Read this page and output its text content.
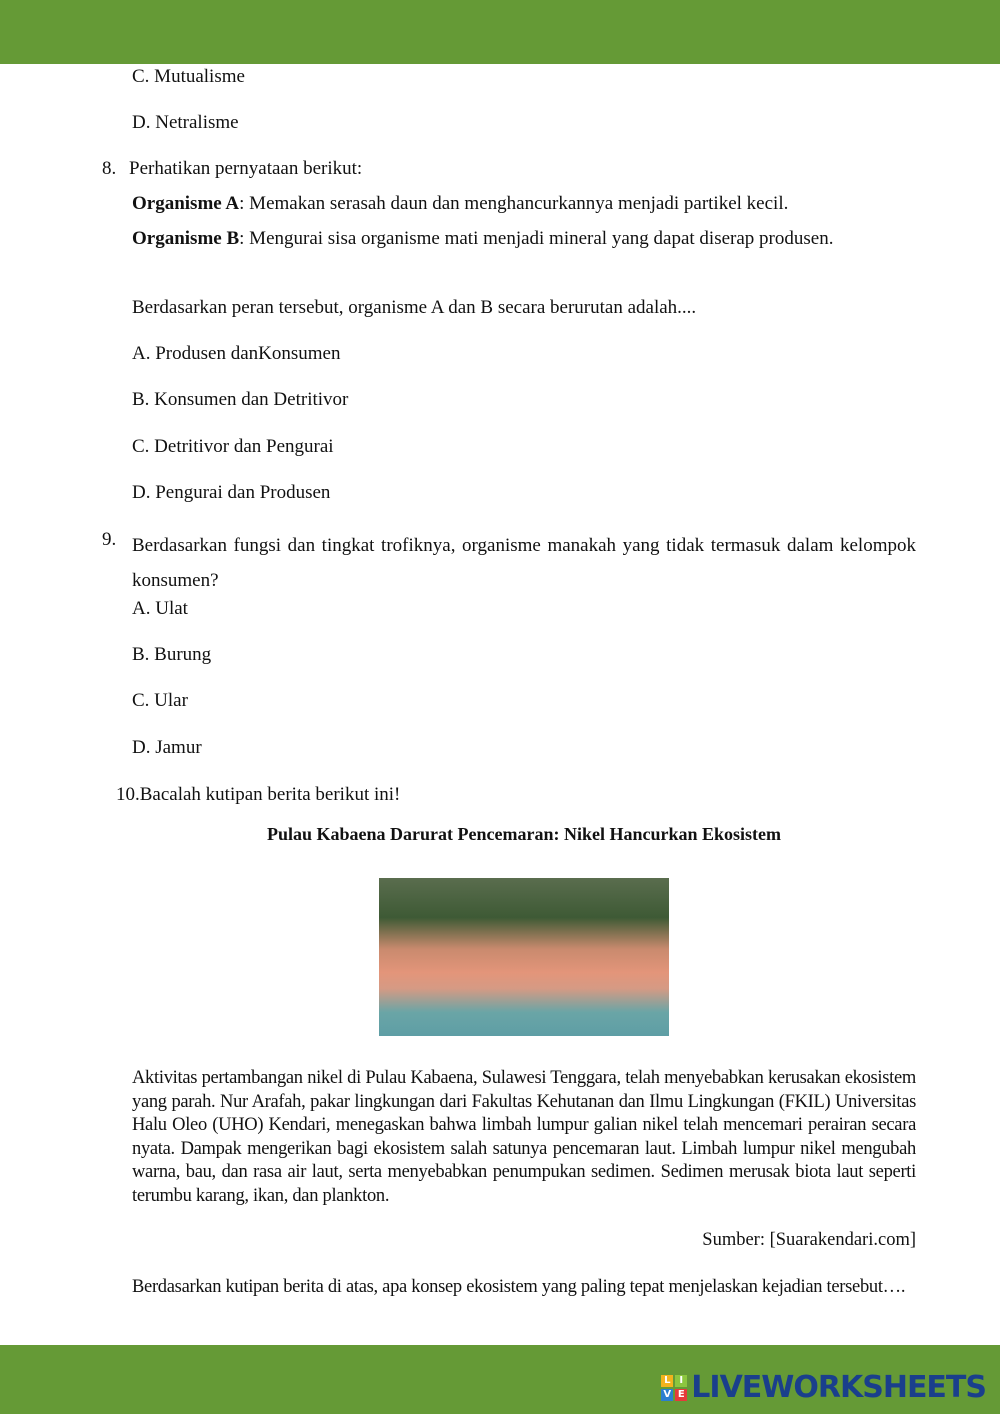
C. Mutualisme
D. Netralisme
8. Perhatikan pernyataan berikut:
Organisme A: Memakan serasah daun dan menghancurkannya menjadi partikel kecil.
Organisme B: Mengurai sisa organisme mati menjadi mineral yang dapat diserap produsen.
Berdasarkan peran tersebut, organisme A dan B secara berurutan adalah....
A. Produsen danKonsumen
B. Konsumen dan Detritivor
C. Detritivor dan Pengurai
D. Pengurai dan Produsen
9. Berdasarkan fungsi dan tingkat trofiknya, organisme manakah yang tidak termasuk dalam kelompok konsumen?
A. Ulat
B. Burung
C. Ular
D. Jamur
10.Bacalah kutipan berita berikut ini!
Pulau Kabaena Darurat Pencemaran: Nikel Hancurkan Ekosistem
Aktivitas pertambangan nikel di Pulau Kabaena, Sulawesi Tenggara, telah menyebabkan kerusakan ekosistem yang parah. Nur Arafah, pakar lingkungan dari Fakultas Kehutanan dan Ilmu Lingkungan (FKIL) Universitas Halu Oleo (UHO) Kendari, menegaskan bahwa limbah lumpur galian nikel telah mencemari perairan secara nyata. Dampak mengerikan bagi ekosistem salah satunya pencemaran laut. Limbah lumpur nikel mengubah warna, bau, dan rasa air laut, serta menyebabkan penumpukan sedimen. Sedimen merusak biota laut seperti terumbu karang, ikan, dan plankton.
Sumber: [Suarakendari.com]
Berdasarkan kutipan berita di atas, apa konsep ekosistem yang paling tepat menjelaskan kejadian tersebut….
L I
V E LIVEWORKSHEETS
